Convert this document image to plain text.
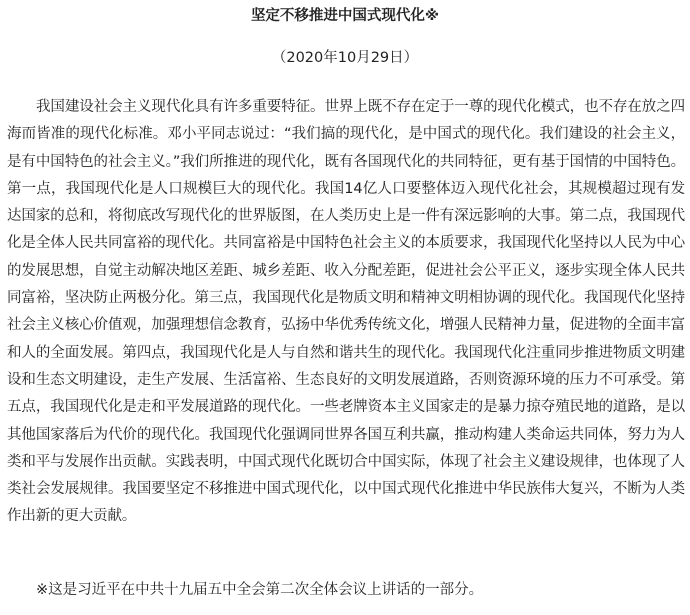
坚定不移推进中国式现代化※
（2020年10月29日）

我国建设社会主义现代化具有许多重要特征。世界上既不存在定于一尊的现代化模式，也不存在放之四海而皆准的现代化标准。邓小平同志说过：“我们搞的现代化，是中国式的现代化。我们建设的社会主义，是有中国特色的社会主义。”我们所推进的现代化，既有各国现代化的共同特征，更有基于国情的中国特色。第一点，我国现代化是人口规模巨大的现代化。我国14亿人口要整体迈入现代化社会，其规模超过现有发达国家的总和，将彻底改写现代化的世界版图，在人类历史上是一件有深远影响的大事。第二点，我国现代化是全体人民共同富裕的现代化。共同富裕是中国特色社会主义的本质要求，我国现代化坚持以人民为中心的发展思想，自觉主动解决地区差距、城乡差距、收入分配差距，促进社会公平正义，逐步实现全体人民共同富裕，坚决防止两极分化。第三点，我国现代化是物质文明和精神文明相协调的现代化。我国现代化坚持社会主义核心价值观，加强理想信念教育，弘扬中华优秀传统文化，增强人民精神力量，促进物的全面丰富和人的全面发展。第四点，我国现代化是人与自然和谐共生的现代化。我国现代化注重同步推进物质文明建设和生态文明建设，走生产发展、生活富裕、生态良好的文明发展道路，否则资源环境的压力不可承受。第五点，我国现代化是走和平发展道路的现代化。一些老牌资本主义国家走的是暴力掠夺殖民地的道路，是以其他国家落后为代价的现代化。我国现代化强调同世界各国互利共赢，推动构建人类命运共同体，努力为人类和平与发展作出贡献。实践表明，中国式现代化既切合中国实际，体现了社会主义建设规律，也体现了人类社会发展规律。我国要坚定不移推进中国式现代化，以中国式现代化推进中华民族伟大复兴，不断为人类作出新的更大贡献。

※这是习近平在中共十九届五中全会第二次全体会议上讲话的一部分。
